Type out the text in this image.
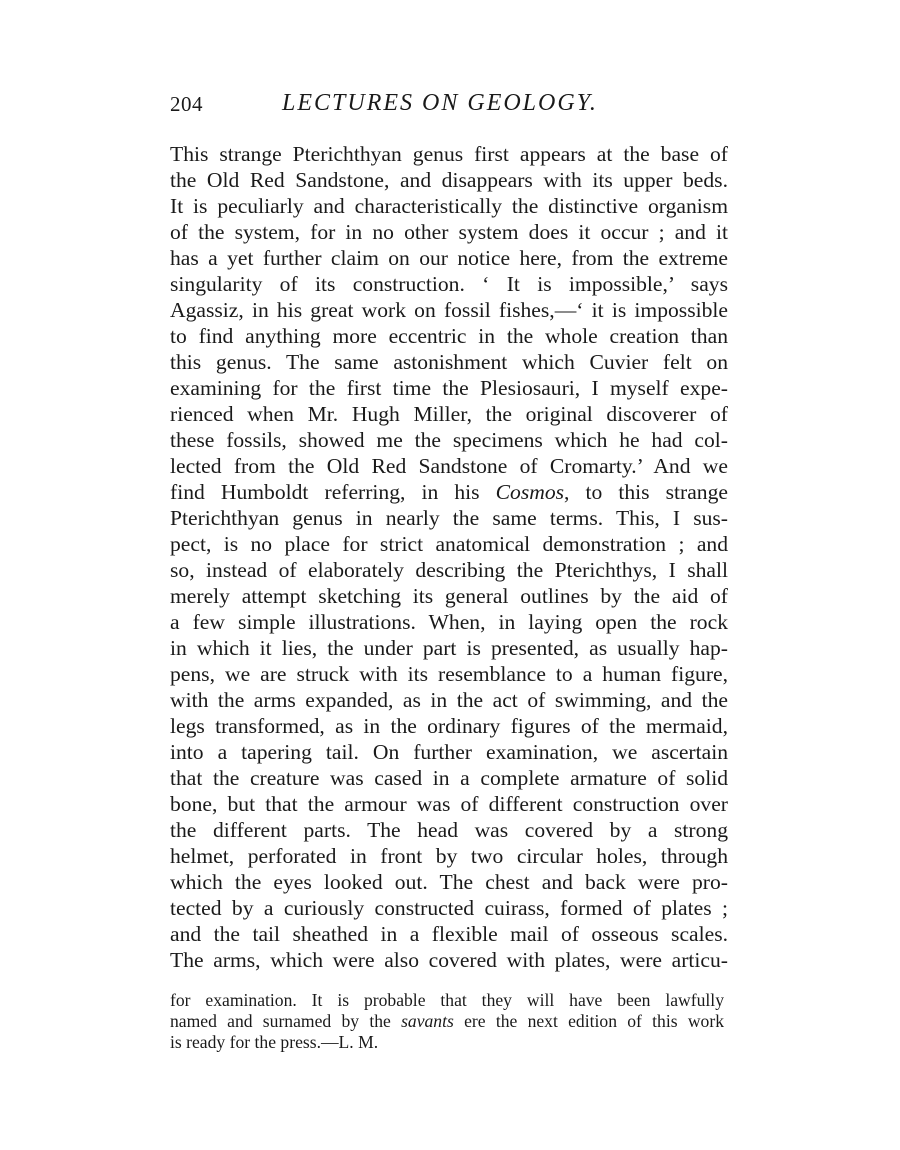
204	LECTURES ON GEOLOGY.
This strange Pterichthyan genus first appears at the base of
the Old Red Sandstone, and disappears with its upper beds.
It is peculiarly and characteristically the distinctive organism
of the system, for in no other system does it occur ; and it
has a yet further claim on our notice here, from the extreme
singularity of its construction. ‘ It is impossible,’ says
Agassiz, in his great work on fossil fishes,—‘ it is impossible
to find anything more eccentric in the whole creation than
this genus. The same astonishment which Cuvier felt on
examining for the first time the Plesiosauri, I myself expe-
rienced when Mr. Hugh Miller, the original discoverer of
these fossils, showed me the specimens which he had col-
lected from the Old Red Sandstone of Cromarty.’ And we
find Humboldt referring, in his Cosmos, to this strange
Pterichthyan genus in nearly the same terms. This, I sus-
pect, is no place for strict anatomical demonstration ; and
so, instead of elaborately describing the Pterichthys, I shall
merely attempt sketching its general outlines by the aid of
a few simple illustrations. When, in laying open the rock
in which it lies, the under part is presented, as usually hap-
pens, we are struck with its resemblance to a human figure,
with the arms expanded, as in the act of swimming, and the
legs transformed, as in the ordinary figures of the mermaid,
into a tapering tail. On further examination, we ascertain
that the creature was cased in a complete armature of solid
bone, but that the armour was of different construction over
the different parts. The head was covered by a strong
helmet, perforated in front by two circular holes, through
which the eyes looked out. The chest and back were pro-
tected by a curiously constructed cuirass, formed of plates ;
and the tail sheathed in a flexible mail of osseous scales.
The arms, which were also covered with plates, were articu-
for examination. It is probable that they will have been lawfully
named and surnamed by the savants ere the next edition of this work
is ready for the press.—L. M.
